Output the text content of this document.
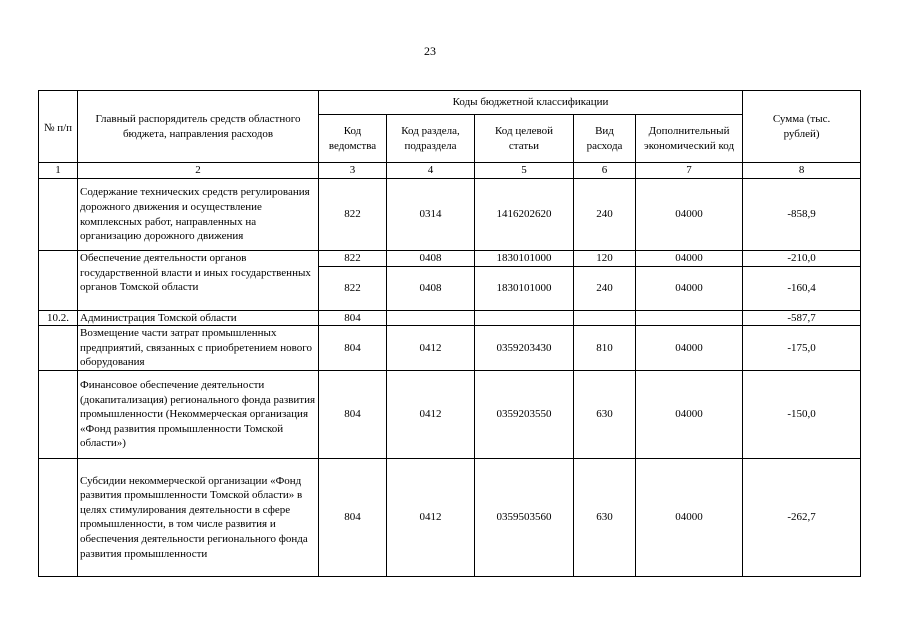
23
№ п/п	Главный распорядитель средств областного бюджета, направления расходов	Коды бюджетной классификации					Сумма (тыс. рублей)
		Код ведомства	Код раздела, подраздела	Код целевой статьи	Вид расхода	Дополнительный экономический код	
1	2	3	4	5	6	7	8
	Содержание технических средств регулирования дорожного движения и осуществление комплексных работ, направленных на организацию дорожного движения	822	0314	1416202620	240	04000	-858,9
	Обеспечение деятельности органов государственной власти и иных государственных органов Томской области	822	0408	1830101000	120	04000	-210,0
		822	0408	1830101000	240	04000	-160,4
10.2.	Администрация Томской области	804					-587,7
	Возмещение части затрат промышленных предприятий, связанных с приобретением нового оборудования	804	0412	0359203430	810	04000	-175,0
	Финансовое обеспечение деятельности (докапитализация) регионального фонда развития промышленности (Некоммерческая организация «Фонд развития промышленности Томской области»)	804	0412	0359203550	630	04000	-150,0
	Субсидии некоммерческой организации «Фонд развития промышленности Томской области» в целях стимулирования деятельности в сфере промышленности, в том числе развития и обеспечения деятельности регионального фонда развития промышленности	804	0412	0359503560	630	04000	-262,7
